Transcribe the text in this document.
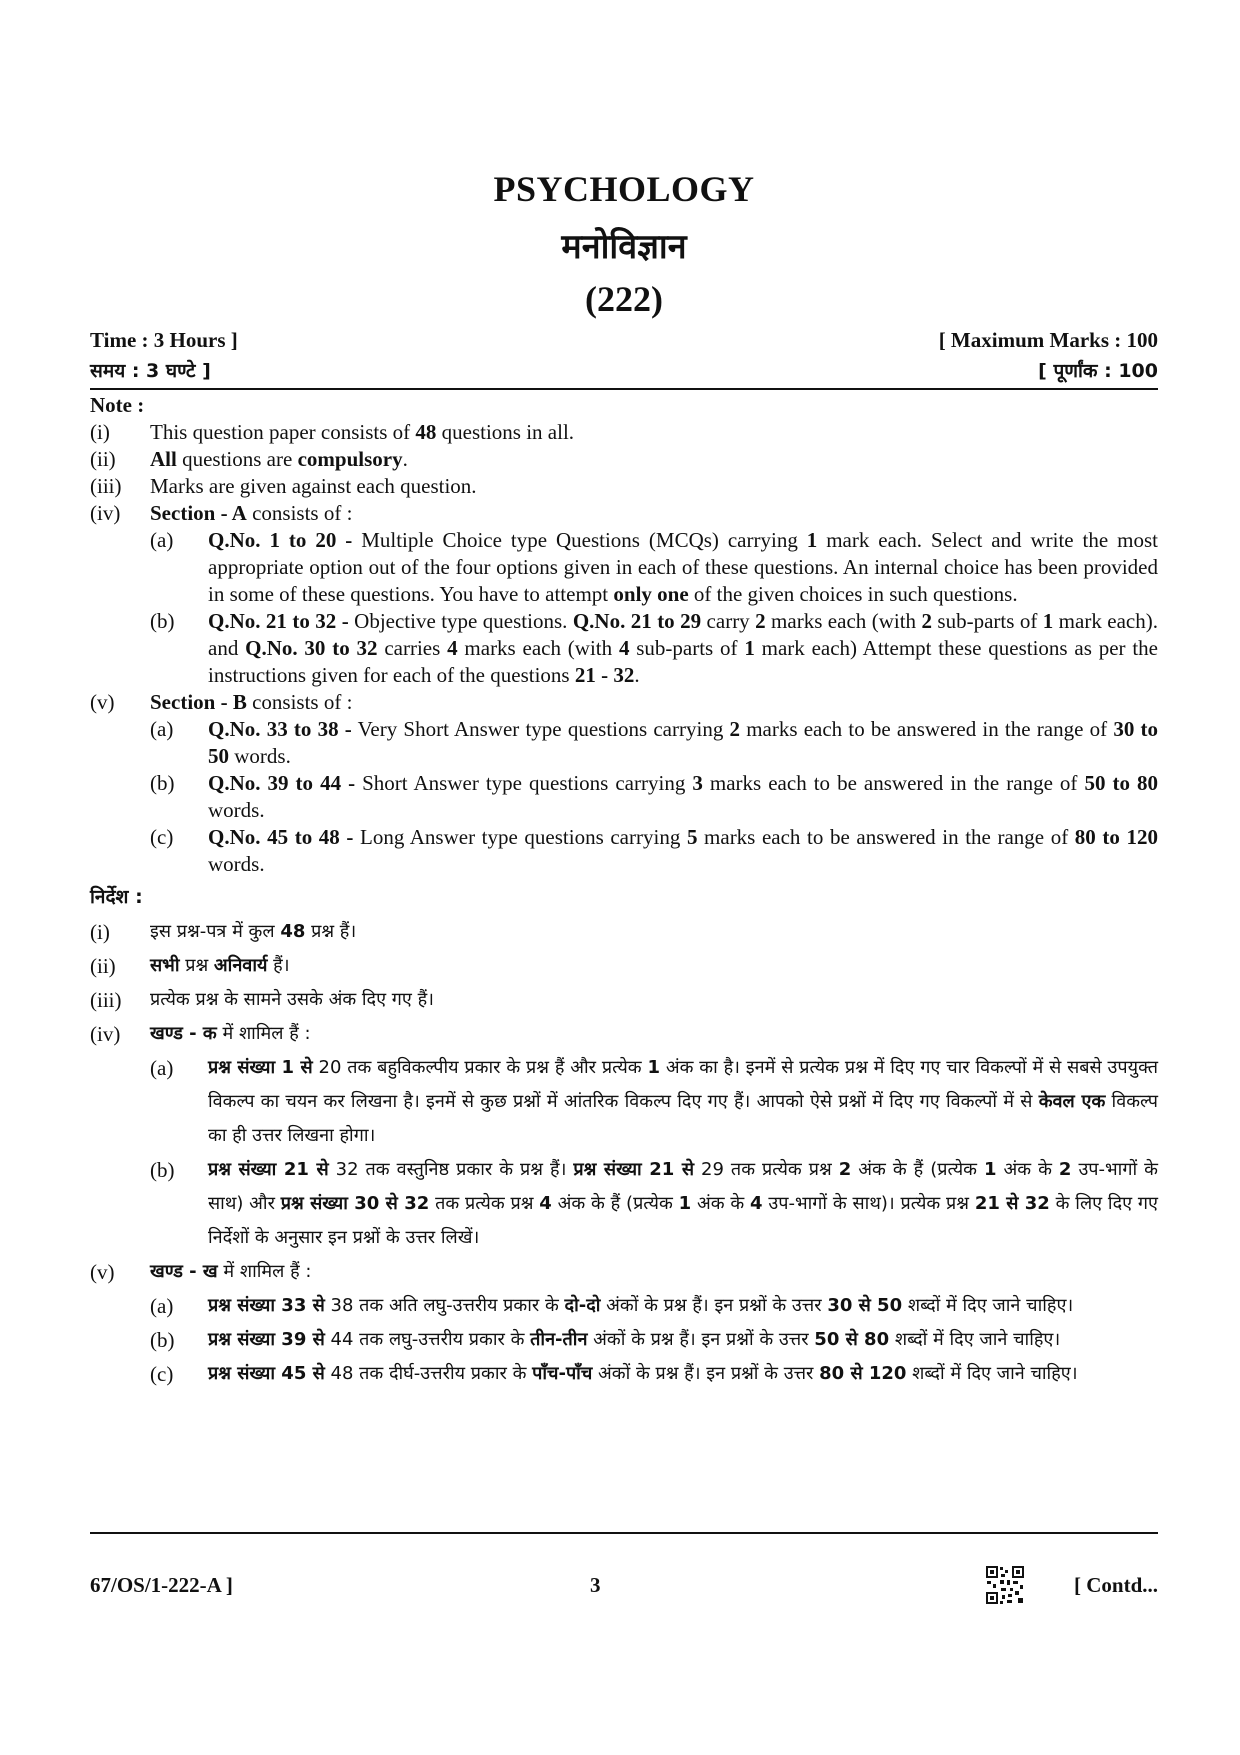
PSYCHOLOGY
मनोविज्ञान
(222)
Time : 3 Hours ]
समय : 3 घण्टे ]
[ Maximum Marks : 100
[ पूर्णांक : 100
Note :
(i)	This question paper consists of 48 questions in all.
(ii)	All questions are compulsory.
(iii)	Marks are given against each question.
(iv)	Section - A consists of :
(a)	Q.No. 1 to 20 - Multiple Choice type Questions (MCQs) carrying 1 mark each. Select and write the most appropriate option out of the four options given in each of these questions. An internal choice has been provided in some of these questions. You have to attempt only one of the given choices in such questions.
(b)	Q.No. 21 to 32 - Objective type questions. Q.No. 21 to 29 carry 2 marks each (with 2 sub-parts of 1 mark each). and Q.No. 30 to 32 carries 4 marks each (with 4 sub-parts of 1 mark each) Attempt these questions as per the instructions given for each of the questions 21 - 32.
(v)	Section - B consists of :
(a)	Q.No. 33 to 38 - Very Short Answer type questions carrying 2 marks each to be answered in the range of 30 to 50 words.
(b)	Q.No. 39 to 44 - Short Answer type questions carrying 3 marks each to be answered in the range of 50 to 80 words.
(c)	Q.No. 45 to 48 - Long Answer type questions carrying 5 marks each to be answered in the range of 80 to 120 words.
निर्देश :
(i)	इस प्रश्न-पत्र में कुल 48 प्रश्न हैं।
(ii)	सभी प्रश्न अनिवार्य हैं।
(iii)	प्रत्येक प्रश्न के सामने उसके अंक दिए गए हैं।
(iv)	खण्ड - क में शामिल हैं :
(a)	प्रश्न संख्या 1 से 20 तक बहुविकल्पीय प्रकार के प्रश्न हैं और प्रत्येक 1 अंक का है। इनमें से प्रत्येक प्रश्न में दिए गए चार विकल्पों में से सबसे उपयुक्त विकल्प का चयन कर लिखना है। इनमें से कुछ प्रश्नों में आंतरिक विकल्प दिए गए हैं। आपको ऐसे प्रश्नों में दिए गए विकल्पों में से केवल एक विकल्प का ही उत्तर लिखना होगा।
(b)	प्रश्न संख्या 21 से 32 तक वस्तुनिष्ठ प्रकार के प्रश्न हैं। प्रश्न संख्या 21 से 29 तक प्रत्येक प्रश्न 2 अंक के हैं (प्रत्येक 1 अंक के 2 उप-भागों के साथ) और प्रश्न संख्या 30 से 32 तक प्रत्येक प्रश्न 4 अंक के हैं (प्रत्येक 1 अंक के 4 उप-भागों के साथ)। प्रत्येक प्रश्न 21 से 32 के लिए दिए गए निर्देशों के अनुसार इन प्रश्नों के उत्तर लिखें।
(v)	खण्ड - ख में शामिल हैं :
(a)	प्रश्न संख्या 33 से 38 तक अति लघु-उत्तरीय प्रकार के दो-दो अंकों के प्रश्न हैं। इन प्रश्नों के उत्तर 30 से 50 शब्दों में दिए जाने चाहिए।
(b)	प्रश्न संख्या 39 से 44 तक लघु-उत्तरीय प्रकार के तीन-तीन अंकों के प्रश्न हैं। इन प्रश्नों के उत्तर 50 से 80 शब्दों में दिए जाने चाहिए।
(c)	प्रश्न संख्या 45 से 48 तक दीर्घ-उत्तरीय प्रकार के पाँच-पाँच अंकों के प्रश्न हैं। इन प्रश्नों के उत्तर 80 से 120 शब्दों में दिए जाने चाहिए।
67/OS/1-222-A ]	3	[ Contd...
